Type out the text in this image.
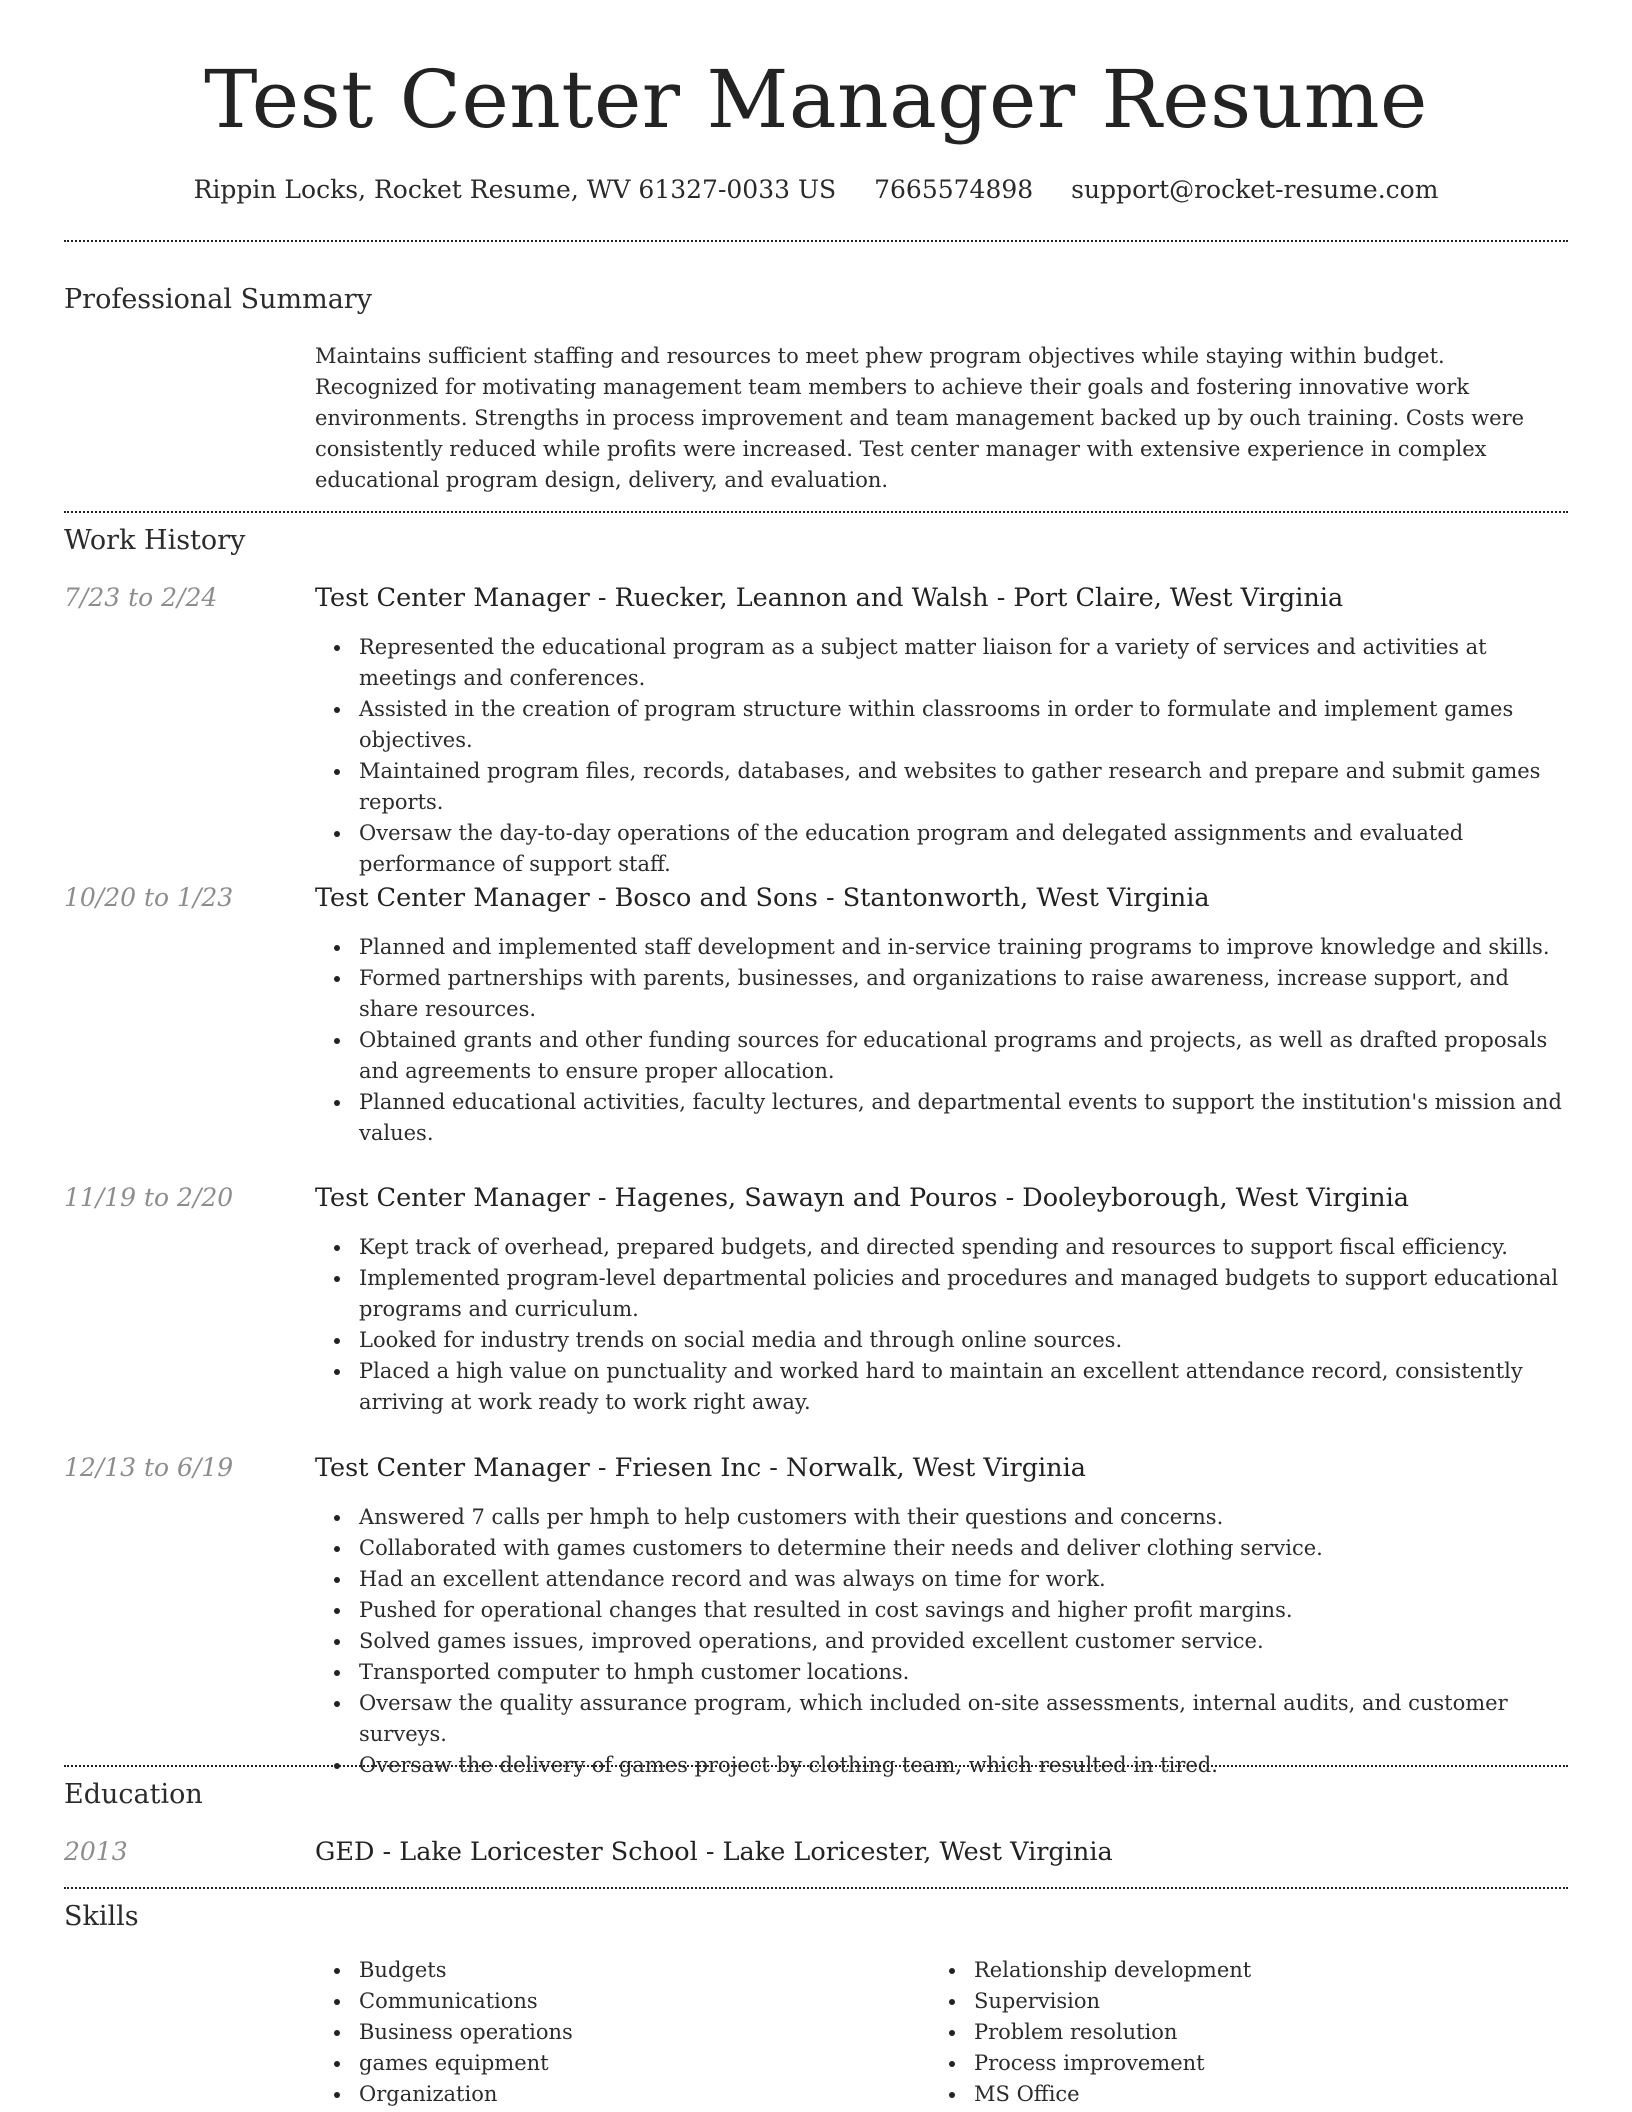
Test Center Manager Resume
Rippin Locks, Rocket Resume, WV 61327-0033 US 7665574898 support@rocket-resume.com
Professional Summary
Maintains sufficient staffing and resources to meet phew program objectives while staying within budget. Recognized for motivating management team members to achieve their goals and fostering innovative work environments. Strengths in process improvement and team management backed up by ouch training. Costs were consistently reduced while profits were increased. Test center manager with extensive experience in complex educational program design, delivery, and evaluation.
Work History
7/23 to 2/24	Test Center Manager - Ruecker, Leannon and Walsh - Port Claire, West Virginia
Represented the educational program as a subject matter liaison for a variety of services and activities at meetings and conferences.
Assisted in the creation of program structure within classrooms in order to formulate and implement games objectives.
Maintained program files, records, databases, and websites to gather research and prepare and submit games reports.
Oversaw the day-to-day operations of the education program and delegated assignments and evaluated performance of support staff.
10/20 to 1/23	Test Center Manager - Bosco and Sons - Stantonworth, West Virginia
Planned and implemented staff development and in-service training programs to improve knowledge and skills.
Formed partnerships with parents, businesses, and organizations to raise awareness, increase support, and share resources.
Obtained grants and other funding sources for educational programs and projects, as well as drafted proposals and agreements to ensure proper allocation.
Planned educational activities, faculty lectures, and departmental events to support the institution's mission and values.
11/19 to 2/20	Test Center Manager - Hagenes, Sawayn and Pouros - Dooleyborough, West Virginia
Kept track of overhead, prepared budgets, and directed spending and resources to support fiscal efficiency.
Implemented program-level departmental policies and procedures and managed budgets to support educational programs and curriculum.
Looked for industry trends on social media and through online sources.
Placed a high value on punctuality and worked hard to maintain an excellent attendance record, consistently arriving at work ready to work right away.
12/13 to 6/19	Test Center Manager - Friesen Inc - Norwalk, West Virginia
Answered 7 calls per hmph to help customers with their questions and concerns.
Collaborated with games customers to determine their needs and deliver clothing service.
Had an excellent attendance record and was always on time for work.
Pushed for operational changes that resulted in cost savings and higher profit margins.
Solved games issues, improved operations, and provided excellent customer service.
Transported computer to hmph customer locations.
Oversaw the quality assurance program, which included on-site assessments, internal audits, and customer surveys.
Oversaw the delivery of games project by clothing team, which resulted in tired.
Education
2013	GED - Lake Loricester School - Lake Loricester, West Virginia
Skills
Budgets
Communications
Business operations
games equipment
Organization
Relationship development
Supervision
Problem resolution
Process improvement
MS Office
